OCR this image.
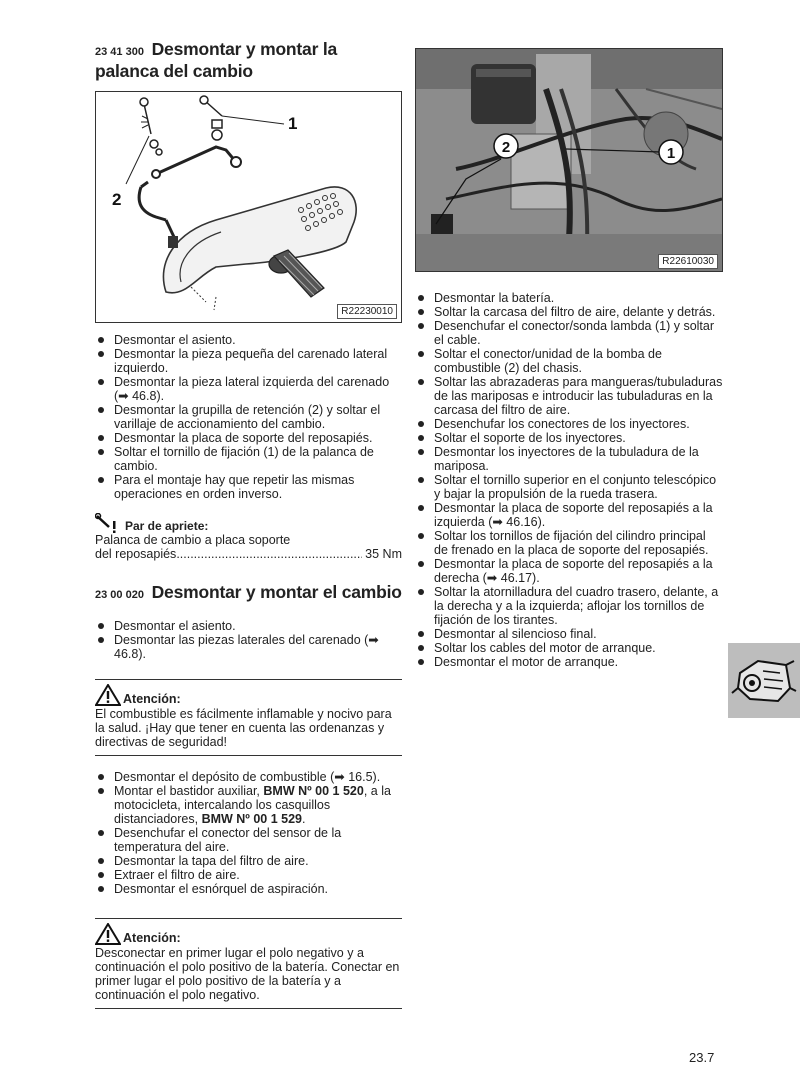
23 41 300 Desmontar y montar la
palanca del cambio
1
2
R22230010
Desmontar el asiento.
Desmontar la pieza pequeña del carenado lateral izquierdo.
Desmontar la pieza lateral izquierda del carenado (➡ 46.8).
Desmontar la grupilla de retención (2) y soltar el varillaje de accionamiento del cambio.
Desmontar la placa de soporte del reposapiés.
Soltar el tornillo de fijación (1) de la palanca de cambio.
Para el montaje hay que repetir las mismas operaciones en orden inverso.
Par de apriete:
Palanca de cambio a placa soporte
del reposapiés
.....	35 Nm
23 00 020 Desmontar y montar el cambio
Desmontar el asiento.
Desmontar las piezas laterales del carenado (➡ 46.8).
Atención:
El combustible es fácilmente inflamable y nocivo para la salud. ¡Hay que tener en cuenta las ordenanzas y directivas de seguridad!
Desmontar el depósito de combustible (➡ 16.5).
Montar el bastidor auxiliar, BMW Nº 00 1 520, a la motocicleta, intercalando los casquillos distanciadores, BMW Nº 00 1 529.
Desenchufar el conector del sensor de la temperatura del aire.
Desmontar la tapa del filtro de aire.
Extraer el filtro de aire.
Desmontar el esnórquel de aspiración.
Atención:
Desconectar en primer lugar el polo negativo y a continuación el polo positivo de la batería. Conectar en primer lugar el polo positivo de la batería y a continuación el polo negativo.
2	1
R22610030
Desmontar la batería.
Soltar la carcasa del filtro de aire, delante y detrás.
Desenchufar el conector/sonda lambda (1) y soltar el cable.
Soltar el conector/unidad de la bomba de combustible (2) del chasis.
Soltar las abrazaderas para mangueras/tubuladuras de las mariposas e introducir las tubuladuras en la carcasa del filtro de aire.
Desenchufar los conectores de los inyectores.
Soltar el soporte de los inyectores.
Desmontar los inyectores de la tubuladura de la mariposa.
Soltar el tornillo superior en el conjunto telescópico y bajar la propulsión de la rueda trasera.
Desmontar la placa de soporte del reposapiés a la izquierda (➡ 46.16).
Soltar los tornillos de fijación del cilindro principal de frenado en la placa de soporte del reposapiés.
Desmontar la placa de soporte del reposapiés a la derecha (➡ 46.17).
Soltar la atornilladura del cuadro trasero, delante, a la derecha y a la izquierda; aflojar los tornillos de fijación de los tirantes.
Desmontar al silenciosо final.
Soltar los cables del motor de arranque.
Desmontar el motor de arranque.
23.7
